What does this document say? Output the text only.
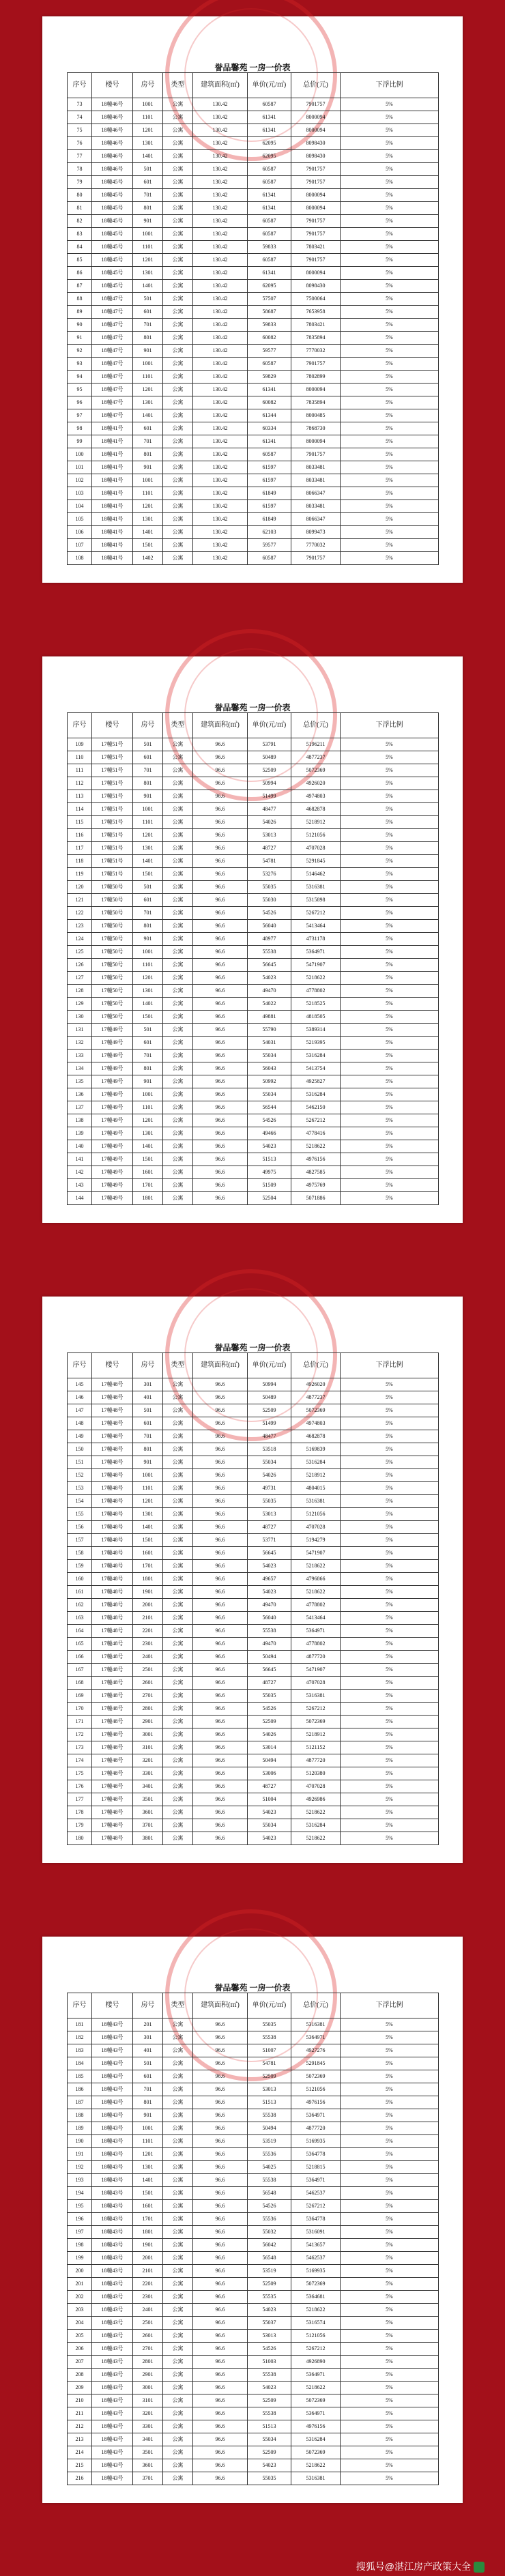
誉品馨苑 一房一价表
序号	楼号	房号	类型	建筑面积(㎡)	单价(元/㎡)	总价(元)	下浮比例
73	18幢46号	1001	公寓	130.42	60587	7901757	5%
74	18幢46号	1101	公寓	130.42	61341	8000094	5%
75	18幢46号	1201	公寓	130.42	61341	8000094	5%
76	18幢46号	1301	公寓	130.42	62095	8098430	5%
77	18幢46号	1401	公寓	130.42	62095	8098430	5%
78	18幢46号	501	公寓	130.42	60587	7901757	5%
79	18幢45号	601	公寓	130.42	60587	7901757	5%
80	18幢45号	701	公寓	130.42	61341	8000094	5%
81	18幢45号	801	公寓	130.42	61341	8000094	5%
82	18幢45号	901	公寓	130.42	60587	7901757	5%
83	18幢45号	1001	公寓	130.42	60587	7901757	5%
84	18幢45号	1101	公寓	130.42	59833	7803421	5%
85	18幢45号	1201	公寓	130.42	60587	7901757	5%
86	18幢45号	1301	公寓	130.42	61341	8000094	5%
87	18幢45号	1401	公寓	130.42	62095	8098430	5%
88	18幢47号	501	公寓	130.42	57507	7500064	5%
89	18幢47号	601	公寓	130.42	58687	7653958	5%
90	18幢47号	701	公寓	130.42	59833	7803421	5%
91	18幢47号	801	公寓	130.42	60082	7835894	5%
92	18幢47号	901	公寓	130.42	59577	7770032	5%
93	18幢47号	1001	公寓	130.42	60587	7901757	5%
94	18幢47号	1101	公寓	130.42	59829	7802899	5%
95	18幢47号	1201	公寓	130.42	61341	8000094	5%
96	18幢47号	1301	公寓	130.42	60082	7835894	5%
97	18幢47号	1401	公寓	130.42	61344	8000485	5%
98	18幢41号	601	公寓	130.42	60334	7868730	5%
99	18幢41号	701	公寓	130.42	61341	8000094	5%
100	18幢41号	801	公寓	130.42	60587	7901757	5%
101	18幢41号	901	公寓	130.42	61597	8033481	5%
102	18幢41号	1001	公寓	130.42	61597	8033481	5%
103	18幢41号	1101	公寓	130.42	61849	8066347	5%
104	18幢41号	1201	公寓	130.42	61597	8033481	5%
105	18幢41号	1301	公寓	130.42	61849	8066347	5%
106	18幢41号	1401	公寓	130.42	62103	8099473	5%
107	18幢41号	1501	公寓	130.42	59577	7770032	5%
108	18幢41号	1402	公寓	130.42	60587	7901757	5%
誉品馨苑 一房一价表
序号	楼号	房号	类型	建筑面积(㎡)	单价(元/㎡)	总价(元)	下浮比例
109	17幢51号	501	公寓	96.6	53791	5196211	5%
110	17幢51号	601	公寓	96.6	50489	4877237	5%
111	17幢51号	701	公寓	96.6	52509	5072369	5%
112	17幢51号	801	公寓	96.6	50994	4926020	5%
113	17幢51号	901	公寓	96.6	51499	4974803	5%
114	17幢51号	1001	公寓	96.6	48477	4682878	5%
115	17幢51号	1101	公寓	96.6	54026	5218912	5%
116	17幢51号	1201	公寓	96.6	53013	5121056	5%
117	17幢51号	1301	公寓	96.6	48727	4707028	5%
118	17幢51号	1401	公寓	96.6	54781	5291845	5%
119	17幢51号	1501	公寓	96.6	53276	5146462	5%
120	17幢50号	501	公寓	96.6	55035	5316381	5%
121	17幢50号	601	公寓	96.6	55030	5315898	5%
122	17幢50号	701	公寓	96.6	54526	5267212	5%
123	17幢50号	801	公寓	96.6	56040	5413464	5%
124	17幢50号	901	公寓	96.6	48977	4731178	5%
125	17幢50号	1001	公寓	96.6	55538	5364971	5%
126	17幢50号	1101	公寓	96.6	56645	5471907	5%
127	17幢50号	1201	公寓	96.6	54023	5218622	5%
128	17幢50号	1301	公寓	96.6	49470	4778802	5%
129	17幢50号	1401	公寓	96.6	54022	5218525	5%
130	17幢50号	1501	公寓	96.6	49881	4818505	5%
131	17幢49号	501	公寓	96.6	55790	5389314	5%
132	17幢49号	601	公寓	96.6	54031	5219395	5%
133	17幢49号	701	公寓	96.6	55034	5316284	5%
134	17幢49号	801	公寓	96.6	56043	5413754	5%
135	17幢49号	901	公寓	96.6	50992	4925827	5%
136	17幢49号	1001	公寓	96.6	55034	5316284	5%
137	17幢49号	1101	公寓	96.6	56544	5462150	5%
138	17幢49号	1201	公寓	96.6	54526	5267212	5%
139	17幢49号	1301	公寓	96.6	49466	4778416	5%
140	17幢49号	1401	公寓	96.6	54023	5218622	5%
141	17幢49号	1501	公寓	96.6	51513	4976156	5%
142	17幢49号	1601	公寓	96.6	49975	4827585	5%
143	17幢49号	1701	公寓	96.6	51509	4975769	5%
144	17幢49号	1801	公寓	96.6	52504	5071886	5%
誉品馨苑 一房一价表
序号	楼号	房号	类型	建筑面积(㎡)	单价(元/㎡)	总价(元)	下浮比例
145	17幢48号	301	公寓	96.6	50994	4926020	5%
146	17幢48号	401	公寓	96.6	50489	4877237	5%
147	17幢48号	501	公寓	96.6	52509	5072369	5%
148	17幢48号	601	公寓	96.6	51499	4974803	5%
149	17幢48号	701	公寓	96.6	48477	4682878	5%
150	17幢48号	801	公寓	96.6	53518	5169839	5%
151	17幢48号	901	公寓	96.6	55034	5316284	5%
152	17幢48号	1001	公寓	96.6	54026	5218912	5%
153	17幢48号	1101	公寓	96.6	49731	4804015	5%
154	17幢48号	1201	公寓	96.6	55035	5316381	5%
155	17幢48号	1301	公寓	96.6	53013	5121056	5%
156	17幢48号	1401	公寓	96.6	48727	4707028	5%
157	17幢48号	1501	公寓	96.6	53771	5194279	5%
158	17幢48号	1601	公寓	96.6	56645	5471907	5%
159	17幢48号	1701	公寓	96.6	54023	5218622	5%
160	17幢48号	1801	公寓	96.6	49657	4796866	5%
161	17幢48号	1901	公寓	96.6	54023	5218622	5%
162	17幢48号	2001	公寓	96.6	49470	4778802	5%
163	17幢48号	2101	公寓	96.6	56040	5413464	5%
164	17幢48号	2201	公寓	96.6	55538	5364971	5%
165	17幢48号	2301	公寓	96.6	49470	4778802	5%
166	17幢48号	2401	公寓	96.6	50494	4877720	5%
167	17幢48号	2501	公寓	96.6	56645	5471907	5%
168	17幢48号	2601	公寓	96.6	48727	4707028	5%
169	17幢48号	2701	公寓	96.6	55035	5316381	5%
170	17幢48号	2801	公寓	96.6	54526	5267212	5%
171	17幢48号	2901	公寓	96.6	52509	5072369	5%
172	17幢48号	3001	公寓	96.6	54026	5218912	5%
173	17幢48号	3101	公寓	96.6	53014	5121152	5%
174	17幢48号	3201	公寓	96.6	50494	4877720	5%
175	17幢48号	3301	公寓	96.6	53006	5120380	5%
176	17幢48号	3401	公寓	96.6	48727	4707028	5%
177	17幢48号	3501	公寓	96.6	51004	4926986	5%
178	17幢48号	3601	公寓	96.6	54023	5218622	5%
179	17幢48号	3701	公寓	96.6	55034	5316284	5%
180	17幢48号	3801	公寓	96.6	54023	5218622	5%
誉品馨苑 一房一价表
序号	楼号	房号	类型	建筑面积(㎡)	单价(元/㎡)	总价(元)	下浮比例
181	18幢43号	201	公寓	96.6	55035	5316381	5%
182	18幢43号	301	公寓	96.6	55538	5364971	5%
183	18幢43号	401	公寓	96.6	51007	4927276	5%
184	18幢43号	501	公寓	96.6	54781	5291845	5%
185	18幢43号	601	公寓	96.6	52509	5072369	5%
186	18幢43号	701	公寓	96.6	53013	5121056	5%
187	18幢43号	801	公寓	96.6	51513	4976156	5%
188	18幢43号	901	公寓	96.6	55538	5364971	5%
189	18幢43号	1001	公寓	96.6	50494	4877720	5%
190	18幢43号	1101	公寓	96.6	53519	5169935	5%
191	18幢43号	1201	公寓	96.6	55536	5364778	5%
192	18幢43号	1301	公寓	96.6	54025	5218815	5%
193	18幢43号	1401	公寓	96.6	55538	5364971	5%
194	18幢43号	1501	公寓	96.6	56548	5462537	5%
195	18幢43号	1601	公寓	96.6	54526	5267212	5%
196	18幢43号	1701	公寓	96.6	55536	5364778	5%
197	18幢43号	1801	公寓	96.6	55032	5316091	5%
198	18幢43号	1901	公寓	96.6	56042	5413657	5%
199	18幢43号	2001	公寓	96.6	56548	5462537	5%
200	18幢43号	2101	公寓	96.6	53519	5169935	5%
201	18幢43号	2201	公寓	96.6	52509	5072369	5%
202	18幢43号	2301	公寓	96.6	55535	5364681	5%
203	18幢43号	2401	公寓	96.6	54023	5218622	5%
204	18幢43号	2501	公寓	96.6	55037	5316574	5%
205	18幢43号	2601	公寓	96.6	53013	5121056	5%
206	18幢43号	2701	公寓	96.6	54526	5267212	5%
207	18幢43号	2801	公寓	96.6	51003	4926890	5%
208	18幢43号	2901	公寓	96.6	55538	5364971	5%
209	18幢43号	3001	公寓	96.6	54023	5218622	5%
210	18幢43号	3101	公寓	96.6	52509	5072369	5%
211	18幢43号	3201	公寓	96.6	55538	5364971	5%
212	18幢43号	3301	公寓	96.6	51513	4976156	5%
213	18幢43号	3401	公寓	96.6	55034	5316284	5%
214	18幢43号	3501	公寓	96.6	52509	5072369	5%
215	18幢43号	3601	公寓	96.6	54023	5218622	5%
216	18幢43号	3701	公寓	96.6	55035	5316381	5%
搜狐号@湛江房产政策大全
